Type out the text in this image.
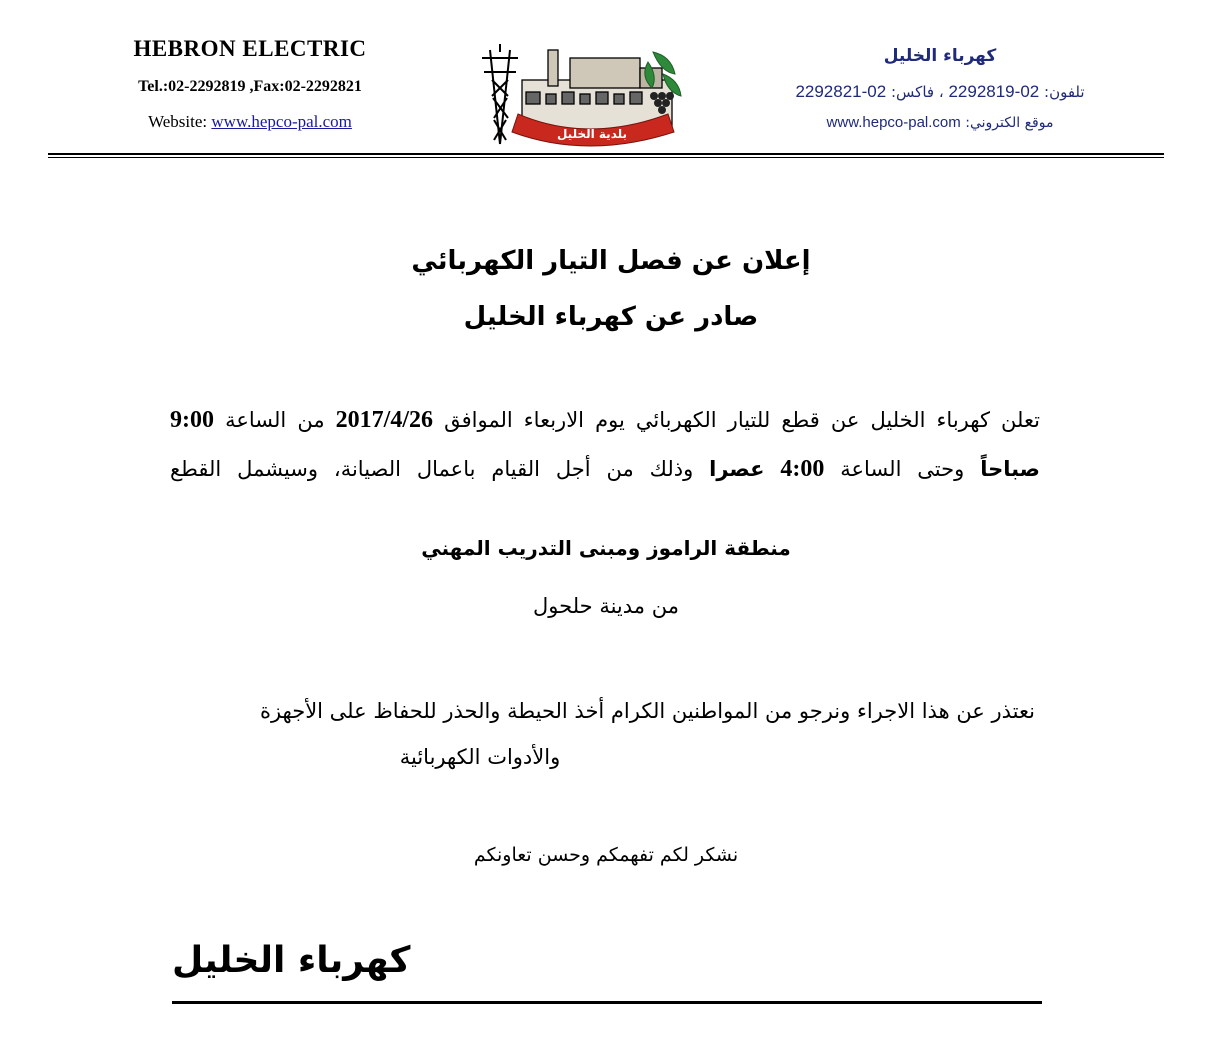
HEBRON ELECTRIC
Tel.:02-2292819 ,Fax:02-2292821
Website: www.hepco-pal.com
بلدية الخليل
كهرباء الخليل
تلفون: 02-2292819 ، فاكس: 02-2292821
موقع الكتروني: www.hepco-pal.com
إعلان عن فصل التيار الكهربائي
صادر عن كهرباء الخليل
تعلن كهرباء الخليل عن قطع للتيار الكهربائي يوم الاربعاء الموافق 2017/4/26 من الساعة 9:00 صباحاً وحتى الساعة 4:00 عصرا وذلك من أجل القيام باعمال الصيانة، وسيشمل القطع
منطقة الراموز ومبنى التدريب المهني
من مدينة حلحول
نعتذر عن هذا الاجراء ونرجو من المواطنين الكرام أخذ الحيطة والحذر للحفاظ على الأجهزة
والأدوات الكهربائية
نشكر لكم تفهمكم وحسن تعاونكم
كهرباء الخليل
